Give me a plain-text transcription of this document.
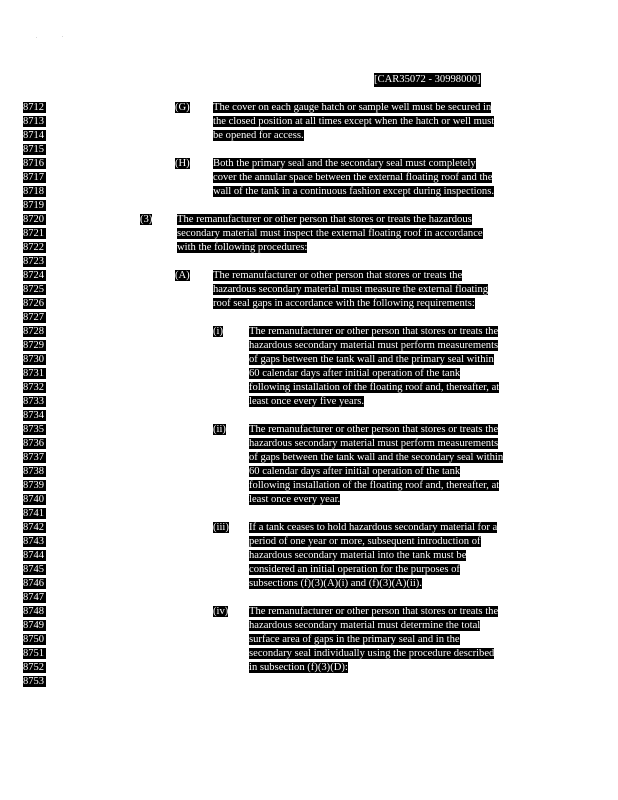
[CAR35072 - 30998000]
8712
8713
8714
8715
8716
8717
8718
8719
8720
8721
8722
8723
8724
8725
8726
8727
8728
8729
8730
8731
8732
8733
8734
8735
8736
8737
8738
8739
8740
8741
8742
8743
8744
8745
8746
8747
8748
8749
8750
8751
8752
8753
(G) The cover on each gauge hatch or sample well must be secured in
the closed position at all times except when the hatch or well must
be opened for access.
(H) Both the primary seal and the secondary seal must completely
cover the annular space between the external floating roof and the
wall of the tank in a continuous fashion except during inspections.
(3) The remanufacturer or other person that stores or treats the hazardous
secondary material must inspect the external floating roof in accordance
with the following procedures:
(A) The remanufacturer or other person that stores or treats the
hazardous secondary material must measure the external floating
roof seal gaps in accordance with the following requirements:
(i) The remanufacturer or other person that stores or treats the
hazardous secondary material must perform measurements
of gaps between the tank wall and the primary seal within
60 calendar days after initial operation of the tank
following installation of the floating roof and, thereafter, at
least once every five years.
(ii) The remanufacturer or other person that stores or treats the
hazardous secondary material must perform measurements
of gaps between the tank wall and the secondary seal within
60 calendar days after initial operation of the tank
following installation of the floating roof and, thereafter, at
least once every year.
(iii) If a tank ceases to hold hazardous secondary material for a
period of one year or more, subsequent introduction of
hazardous secondary material into the tank must be
considered an initial operation for the purposes of
subsections (f)(3)(A)(i) and (f)(3)(A)(ii).
(iv) The remanufacturer or other person that stores or treats the
hazardous secondary material must determine the total
surface area of gaps in the primary seal and in the
secondary seal individually using the procedure described
in subsection (f)(3)(D):
